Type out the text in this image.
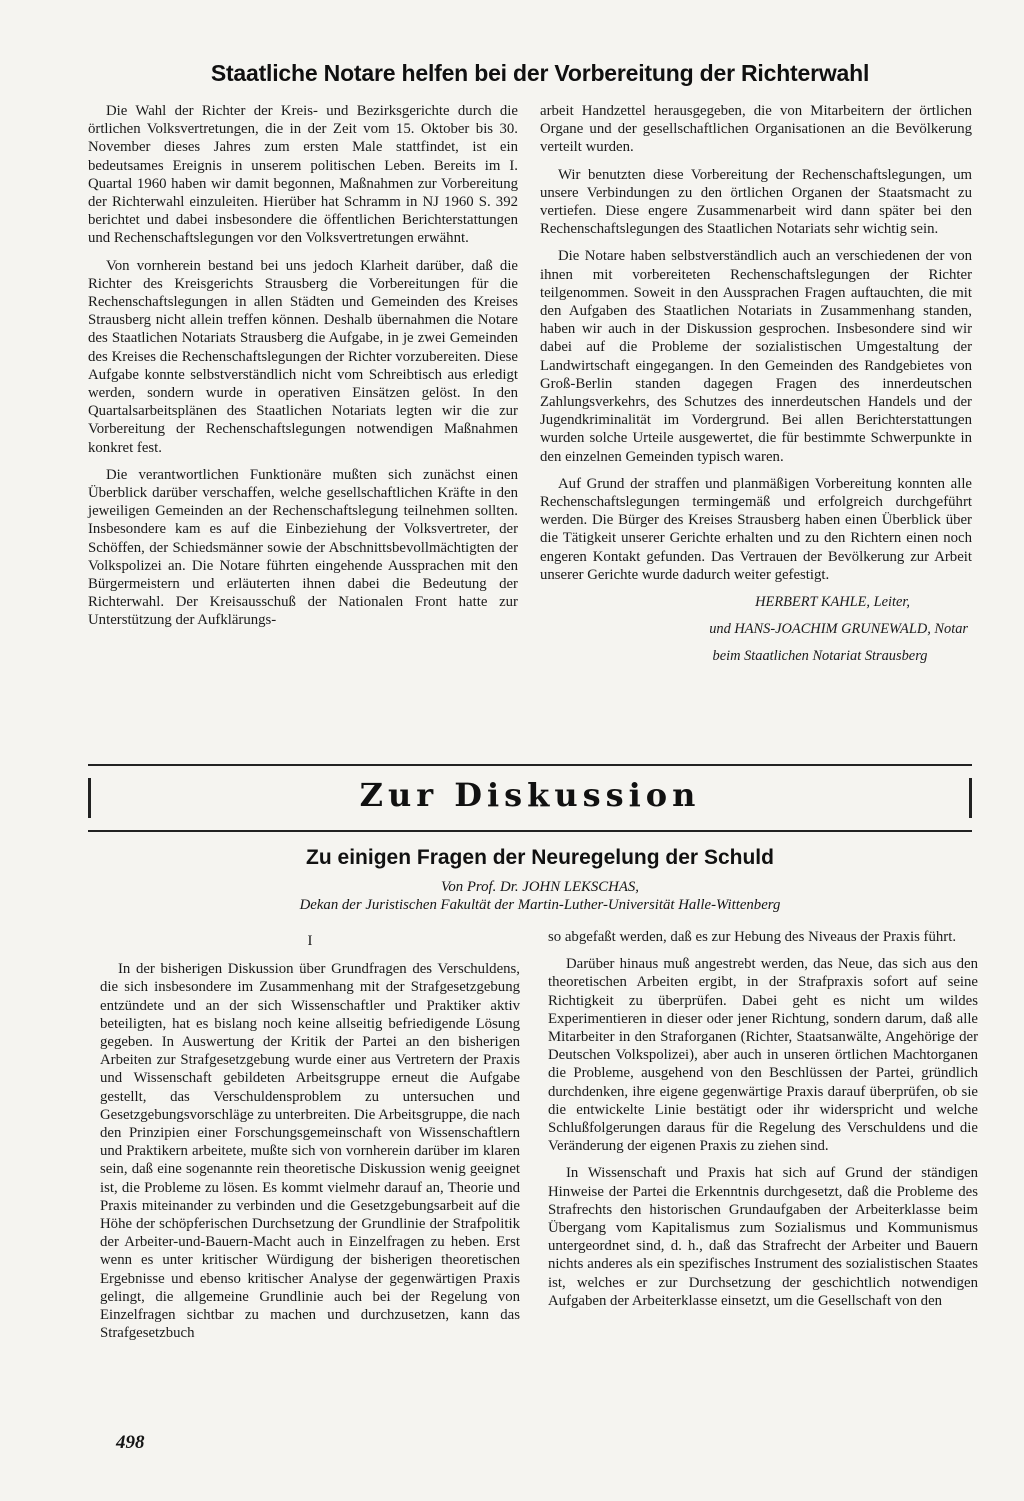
Staatliche Notare helfen bei der Vorbereitung der Richterwahl

Die Wahl der Richter der Kreis- und Bezirksgerichte durch die örtlichen Volksvertretungen, die in der Zeit vom 15. Oktober bis 30. November dieses Jahres zum ersten Male stattfindet, ist ein bedeutsames Ereignis in unserem politischen Leben. Bereits im I. Quartal 1960 haben wir damit begonnen, Maßnahmen zur Vorbereitung der Richterwahl einzuleiten. Hierüber hat Schramm in NJ 1960 S. 392 berichtet und dabei insbesondere die öffentlichen Berichterstattungen und Rechenschaftslegungen vor den Volksvertretungen erwähnt.

Von vornherein bestand bei uns jedoch Klarheit darüber, daß die Richter des Kreisgerichts Strausberg die Vorbereitungen für die Rechenschaftslegungen in allen Städten und Gemeinden des Kreises Strausberg nicht allein treffen können. Deshalb übernahmen die Notare des Staatlichen Notariats Strausberg die Aufgabe, in je zwei Gemeinden des Kreises die Rechenschaftslegungen der Richter vorzubereiten. Diese Aufgabe konnte selbstverständlich nicht vom Schreibtisch aus erledigt werden, sondern wurde in operativen Einsätzen gelöst. In den Quartalsarbeitsplänen des Staatlichen Notariats legten wir die zur Vorbereitung der Rechenschaftslegungen notwendigen Maßnahmen konkret fest.

Die verantwortlichen Funktionäre mußten sich zunächst einen Überblick darüber verschaffen, welche gesellschaftlichen Kräfte in den jeweiligen Gemeinden an der Rechenschaftslegung teilnehmen sollten. Insbesondere kam es auf die Einbeziehung der Volksvertreter, der Schöffen, der Schiedsmänner sowie der Abschnittsbevollmächtigten der Volkspolizei an. Die Notare führten eingehende Aussprachen mit den Bürgermeistern und erläuterten ihnen dabei die Bedeutung der Richterwahl. Der Kreisausschuß der Nationalen Front hatte zur Unterstützung der Aufklärungs-

arbeit Handzettel herausgegeben, die von Mitarbeitern der örtlichen Organe und der gesellschaftlichen Organisationen an die Bevölkerung verteilt wurden.

Wir benutzten diese Vorbereitung der Rechenschaftslegungen, um unsere Verbindungen zu den örtlichen Organen der Staatsmacht zu vertiefen. Diese engere Zusammenarbeit wird dann später bei den Rechenschaftslegungen des Staatlichen Notariats sehr wichtig sein.

Die Notare haben selbstverständlich auch an verschiedenen der von ihnen mit vorbereiteten Rechenschaftslegungen der Richter teilgenommen. Soweit in den Aussprachen Fragen auftauchten, die mit den Aufgaben des Staatlichen Notariats in Zusammenhang standen, haben wir auch in der Diskussion gesprochen. Insbesondere sind wir dabei auf die Probleme der sozialistischen Umgestaltung der Landwirtschaft eingegangen. In den Gemeinden des Randgebietes von Groß-Berlin standen dagegen Fragen des innerdeutschen Zahlungsverkehrs, des Schutzes des innerdeutschen Handels und der Jugendkriminalität im Vordergrund. Bei allen Berichterstattungen wurden solche Urteile ausgewertet, die für bestimmte Schwerpunkte in den einzelnen Gemeinden typisch waren.

Auf Grund der straffen und planmäßigen Vorbereitung konnten alle Rechenschaftslegungen termingemäß und erfolgreich durchgeführt werden. Die Bürger des Kreises Strausberg haben einen Überblick über die Tätigkeit unserer Gerichte erhalten und zu den Richtern einen noch engeren Kontakt gefunden. Das Vertrauen der Bevölkerung zur Arbeit unserer Gerichte wurde dadurch weiter gefestigt.

HERBERT KAHLE, Leiter,

und HANS-JOACHIM GRUNEWALD, Notar

beim Staatlichen Notariat Strausberg

Zur Diskussion
Zu einigen Fragen der Neuregelung der Schuld
Von Prof. Dr. JOHN LEKSCHAS,
Dekan der Juristischen Fakultät der Martin-Luther-Universität Halle-Wittenberg

I

In der bisherigen Diskussion über Grundfragen des Verschuldens, die sich insbesondere im Zusammenhang mit der Strafgesetzgebung entzündete und an der sich Wissenschaftler und Praktiker aktiv beteiligten, hat es bislang noch keine allseitig befriedigende Lösung gegeben. In Auswertung der Kritik der Partei an den bisherigen Arbeiten zur Strafgesetzgebung wurde einer aus Vertretern der Praxis und Wissenschaft gebildeten Arbeitsgruppe erneut die Aufgabe gestellt, das Verschuldensproblem zu untersuchen und Gesetzgebungsvorschläge zu unterbreiten. Die Arbeitsgruppe, die nach den Prinzipien einer Forschungsgemeinschaft von Wissenschaftlern und Praktikern arbeitete, mußte sich von vornherein darüber im klaren sein, daß eine sogenannte rein theoretische Diskussion wenig geeignet ist, die Probleme zu lösen. Es kommt vielmehr darauf an, Theorie und Praxis miteinander zu verbinden und die Gesetzgebungsarbeit auf die Höhe der schöpferischen Durchsetzung der Grundlinie der Strafpolitik der Arbeiter-und-Bauern-Macht auch in Einzelfragen zu heben. Erst wenn es unter kritischer Würdigung der bisherigen theoretischen Ergebnisse und ebenso kritischer Analyse der gegenwärtigen Praxis gelingt, die allgemeine Grundlinie auch bei der Regelung von Einzelfragen sichtbar zu machen und durchzusetzen, kann das Strafgesetzbuch

so abgefaßt werden, daß es zur Hebung des Niveaus der Praxis führt.

Darüber hinaus muß angestrebt werden, das Neue, das sich aus den theoretischen Arbeiten ergibt, in der Strafpraxis sofort auf seine Richtigkeit zu überprüfen. Dabei geht es nicht um wildes Experimentieren in dieser oder jener Richtung, sondern darum, daß alle Mitarbeiter in den Straforganen (Richter, Staatsanwälte, Angehörige der Deutschen Volkspolizei), aber auch in unseren örtlichen Machtorganen die Probleme, ausgehend von den Beschlüssen der Partei, gründlich durchdenken, ihre eigene gegenwärtige Praxis darauf überprüfen, ob sie die entwickelte Linie bestätigt oder ihr widerspricht und welche Schlußfolgerungen daraus für die Regelung des Verschuldens und die Veränderung der eigenen Praxis zu ziehen sind.

In Wissenschaft und Praxis hat sich auf Grund der ständigen Hinweise der Partei die Erkenntnis durchgesetzt, daß die Probleme des Strafrechts den historischen Grundaufgaben der Arbeiterklasse beim Übergang vom Kapitalismus zum Sozialismus und Kommunismus untergeordnet sind, d. h., daß das Strafrecht der Arbeiter und Bauern nichts anderes als ein spezifisches Instrument des sozialistischen Staates ist, welches er zur Durchsetzung der geschichtlich notwendigen Aufgaben der Arbeiterklasse einsetzt, um die Gesellschaft von den

498
